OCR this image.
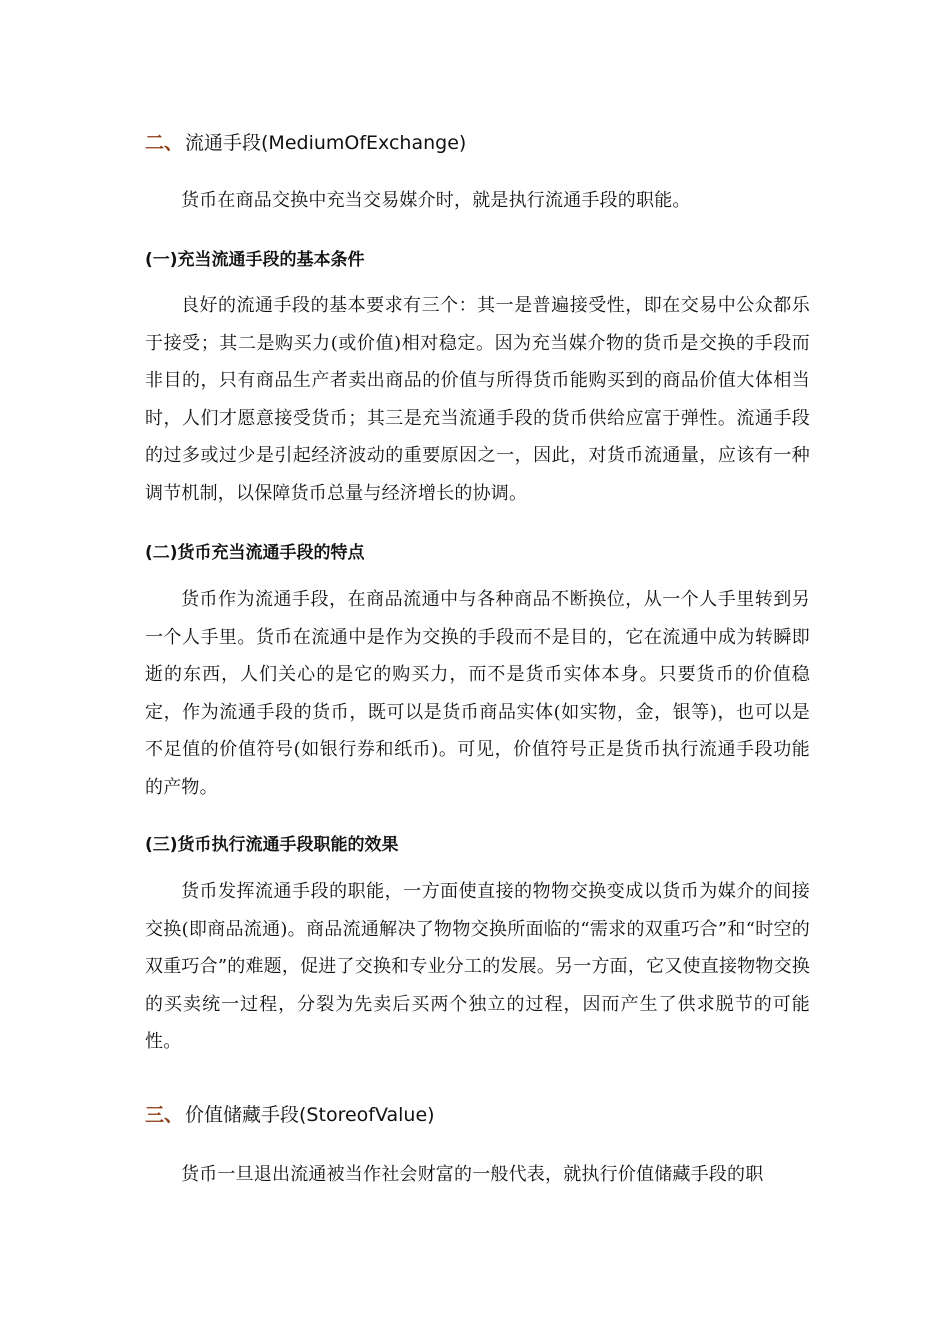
二、 流通手段(MediumOfExchange)
货币在商品交换中充当交易媒介时，就是执行流通手段的职能。
(一)充当流通手段的基本条件
良好的流通手段的基本要求有三个：其一是普遍接受性，即在交易中公众都乐于接受；其二是购买力(或价值)相对稳定。因为充当媒介物的货币是交换的手段而非目的，只有商品生产者卖出商品的价值与所得货币能购买到的商品价值大体相当时，人们才愿意接受货币；其三是充当流通手段的货币供给应富于弹性。流通手段的过多或过少是引起经济波动的重要原因之一，因此，对货币流通量，应该有一种调节机制，以保障货币总量与经济增长的协调。
(二)货币充当流通手段的特点
货币作为流通手段，在商品流通中与各种商品不断换位，从一个人手里转到另一个人手里。货币在流通中是作为交换的手段而不是目的，它在流通中成为转瞬即逝的东西，人们关心的是它的购买力，而不是货币实体本身。只要货币的价值稳定，作为流通手段的货币，既可以是货币商品实体(如实物，金，银等)，也可以是不足值的价值符号(如银行券和纸币)。可见，价值符号正是货币执行流通手段功能的产物。
(三)货币执行流通手段职能的效果
货币发挥流通手段的职能，一方面使直接的物物交换变成以货币为媒介的间接交换(即商品流通)。商品流通解决了物物交换所面临的“需求的双重巧合”和“时空的双重巧合”的难题，促进了交换和专业分工的发展。另一方面，它又使直接物物交换的买卖统一过程，分裂为先卖后买两个独立的过程，因而产生了供求脱节的可能性。
三、 价值储藏手段(StoreofValue)
货币一旦退出流通被当作社会财富的一般代表，就执行价值储藏手段的职
